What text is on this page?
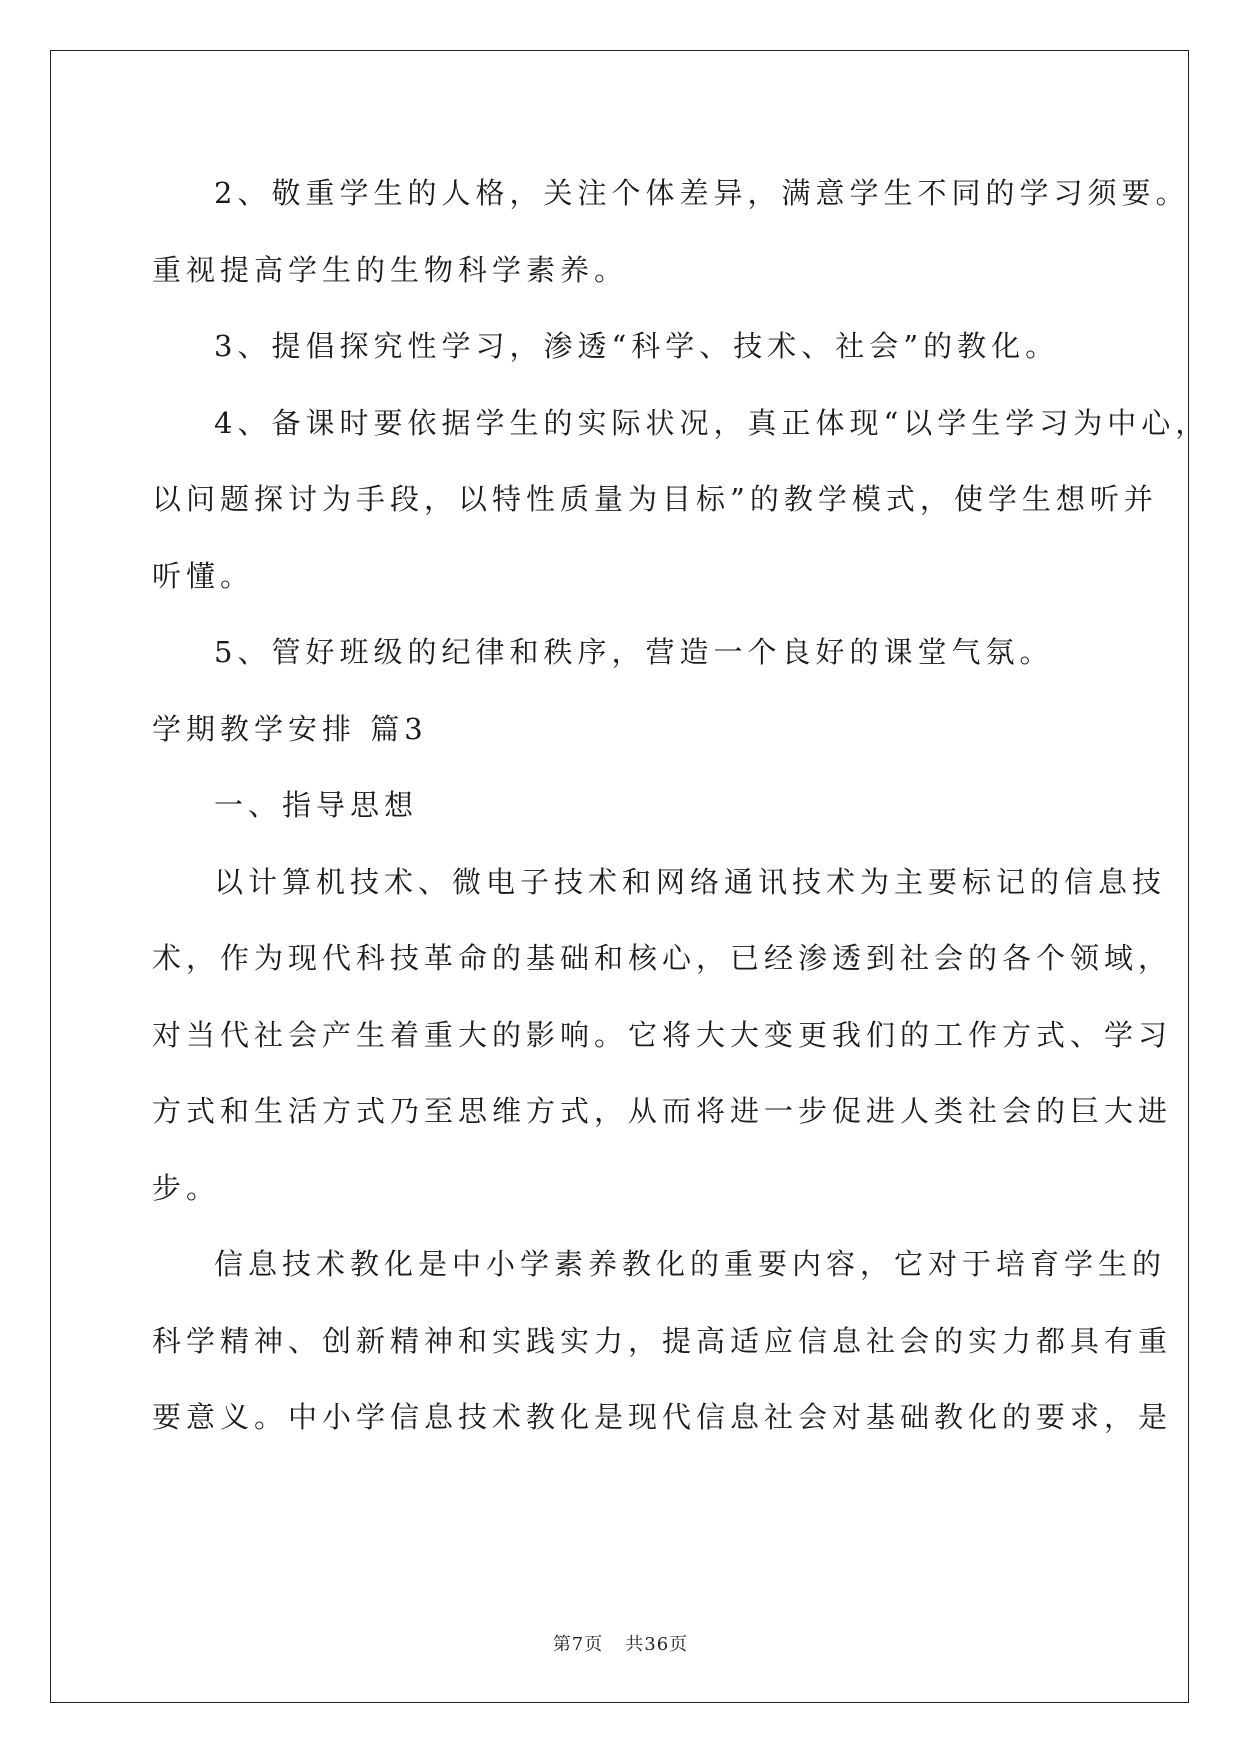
2、敬重学生的人格，关注个体差异，满意学生不同的学习须要。

重视提高学生的生物科学素养。

3、提倡探究性学习，渗透“科学、技术、社会”的教化。

4、备课时要依据学生的实际状况，真正体现“以学生学习为中心，

以问题探讨为手段，以特性质量为目标”的教学模式，使学生想听并

听懂。

5、管好班级的纪律和秩序，营造一个良好的课堂气氛。

学期教学安排 篇3

一、指导思想

以计算机技术、微电子技术和网络通讯技术为主要标记的信息技

术，作为现代科技革命的基础和核心，已经渗透到社会的各个领域，

对当代社会产生着重大的影响。它将大大变更我们的工作方式、学习

方式和生活方式乃至思维方式，从而将进一步促进人类社会的巨大进

步。

信息技术教化是中小学素养教化的重要内容，它对于培育学生的

科学精神、创新精神和实践实力，提高适应信息社会的实力都具有重

要意义。中小学信息技术教化是现代信息社会对基础教化的要求，是

第7页 共36页
